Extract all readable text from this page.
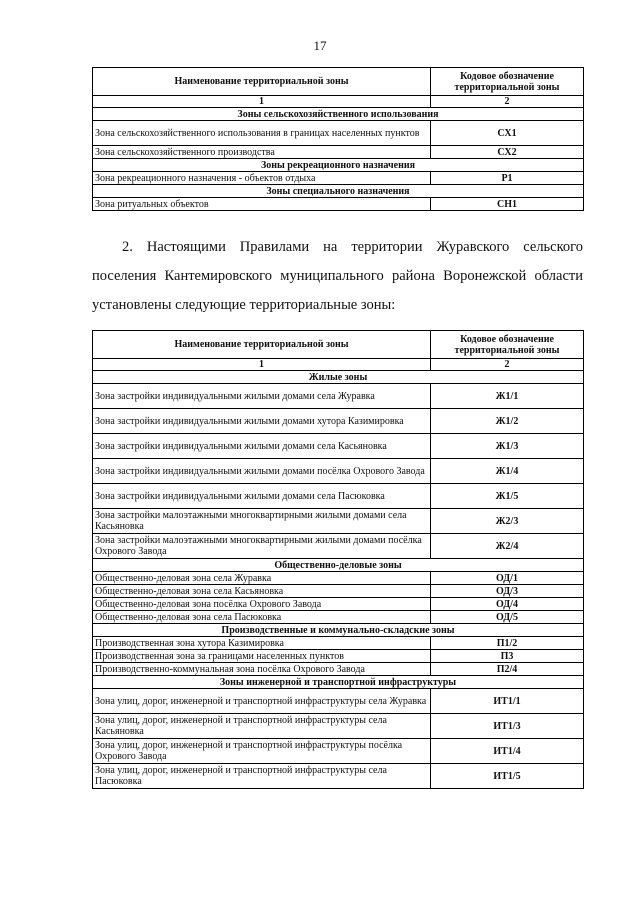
17
Наименование территориальной зоны	Кодовое обозначение территориальной зоны
1	2
Зоны сельскохозяйственного использования	
Зона сельскохозяйственного использования в границах населенных пунктов	СХ1
Зона сельскохозяйственного производства	СХ2
Зоны рекреационного назначения	
Зона рекреационного назначения - объектов отдыха	Р1
Зоны специального назначения	
Зона ритуальных объектов	СН1
2. Настоящими Правилами на территории Журавского сельского поселения Кантемировского муниципального района Воронежской области установлены следующие территориальные зоны:
Наименование территориальной зоны	Кодовое обозначение территориальной зоны
1	2
Жилые зоны	
Зона застройки индивидуальными жилыми домами села Журавка	Ж1/1
Зона застройки индивидуальными жилыми домами хутора Казимировка	Ж1/2
Зона застройки индивидуальными жилыми домами села Касьяновка	Ж1/3
Зона застройки индивидуальными жилыми домами посёлка Охрового Завода	Ж1/4
Зона застройки индивидуальными жилыми домами села Пасюковка	Ж1/5
Зона застройки малоэтажными многоквартирными жилыми домами села Касьяновка	Ж2/3
Зона застройки малоэтажными многоквартирными жилыми домами посёлка Охрового Завода	Ж2/4
Общественно-деловые зоны	
Общественно-деловая зона села Журавка	ОД/1
Общественно-деловая зона села Касьяновка	ОД/3
Общественно-деловая зона посёлка Охрового Завода	ОД/4
Общественно-деловая зона села Пасюковка	ОД/5
Производственные и коммунально-складские зоны	
Производственная зона хутора Казимировка	П1/2
Производственная зона за границами населенных пунктов	П3
Производственно-коммунальная зона посёлка Охрового Завода	П2/4
Зоны инженерной и транспортной инфраструктуры	
Зона улиц, дорог, инженерной и транспортной инфраструктуры села Журавка	ИТ1/1
Зона улиц, дорог, инженерной и транспортной инфраструктуры села Касьяновка	ИТ1/3
Зона улиц, дорог, инженерной и транспортной инфраструктуры посёлка Охрового Завода	ИТ1/4
Зона улиц, дорог, инженерной и транспортной инфраструктуры села Пасюковка	ИТ1/5
